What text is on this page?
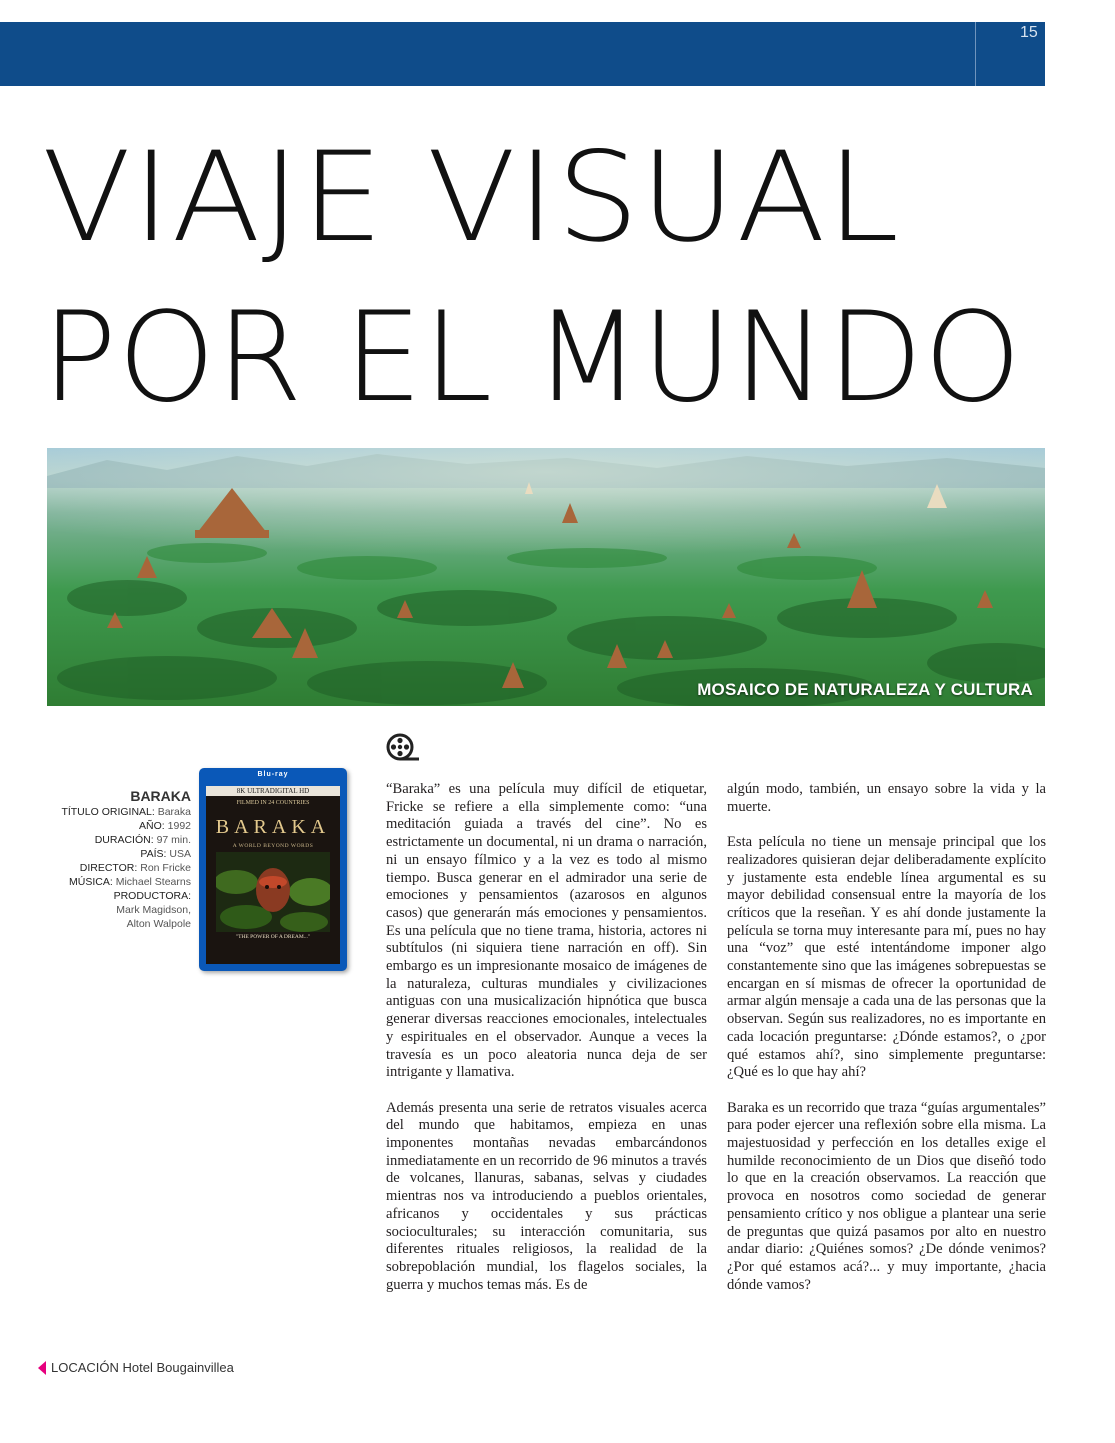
15
VIAJE VISUAL
POR EL MUNDO
MOSAICO DE NATURALEZA Y CULTURA
BARAKA
TÍTULO ORIGINAL: Baraka
AÑO: 1992
DURACIÓN: 97 min.
PAÍS: USA
DIRECTOR: Ron Fricke
MÚSICA: Michael Stearns
PRODUCTORA:
Mark Magidson,
Alton Walpole
Blu-ray
8K ULTRADIGITAL HD
FILMED IN 24 COUNTRIES
BARAKA
A WORLD BEYOND WORDS
"THE POWER OF A DREAM..."

“Baraka” es una película muy difícil de etiquetar, Fricke se refiere a ella simplemente como: “una meditación guiada a través del cine”. No es estrictamente un documental, ni un drama o narración, ni un ensayo fílmico y a la vez es todo al mismo tiempo. Busca generar en el admirador una serie de emociones y pensamientos (azarosos en algunos casos) que generarán más emociones y pensamientos. Es una película que no tiene trama, historia, actores ni subtítulos (ni siquiera tiene narración en off). Sin embargo es un impresionante mosaico de imágenes de la naturaleza, culturas mundiales y civilizaciones antiguas con una musicalización hipnótica que busca generar diversas reacciones emocionales, intelectuales y espirituales en el observador. Aunque a veces la travesía es un poco aleatoria nunca deja de ser intrigante y llamativa.

Además presenta una serie de retratos visuales acerca del mundo que habitamos, empieza en unas imponentes montañas nevadas embarcándonos inmediatamente en un recorrido de 96 minutos a través de volcanes, llanuras, sabanas, selvas y ciudades mientras nos va introduciendo a pueblos orientales, africanos y occidentales y sus prácticas socioculturales; su interacción comunitaria, sus diferentes rituales religiosos, la realidad de la sobrepoblación mundial, los flagelos sociales, la guerra y muchos temas más. Es de

algún modo, también, un ensayo sobre la vida y la muerte.

Esta película no tiene un mensaje principal que los realizadores quisieran dejar deliberadamente explícito y justamente esta endeble línea argumental es su mayor debilidad consensual entre la mayoría de los críticos que la reseñan. Y es ahí donde justamente la película se torna muy interesante para mí, pues no hay una “voz” que esté intentándome imponer algo constantemente sino que las imágenes sobrepuestas se encargan en sí mismas de ofrecer la oportunidad de armar algún mensaje a cada una de las personas que la observan. Según sus realizadores, no es importante en cada locación preguntarse: ¿Dónde estamos?, o ¿por qué estamos ahí?, sino simplemente preguntarse: ¿Qué es lo que hay ahí?

Baraka es un recorrido que traza “guías argumentales” para poder ejercer una reflexión sobre ella misma. La majestuosidad y perfección en los detalles exige el humilde reconocimiento de un Dios que diseñó todo lo que en la creación observamos. La reacción que provoca en nosotros como sociedad de generar pensamiento crítico y nos obligue a plantear una serie de preguntas que quizá pasamos por alto en nuestro andar diario: ¿Quiénes somos? ¿De dónde venimos? ¿Por qué estamos acá?... y muy importante, ¿hacia dónde vamos?

LOCACIÓN Hotel Bougainvillea
